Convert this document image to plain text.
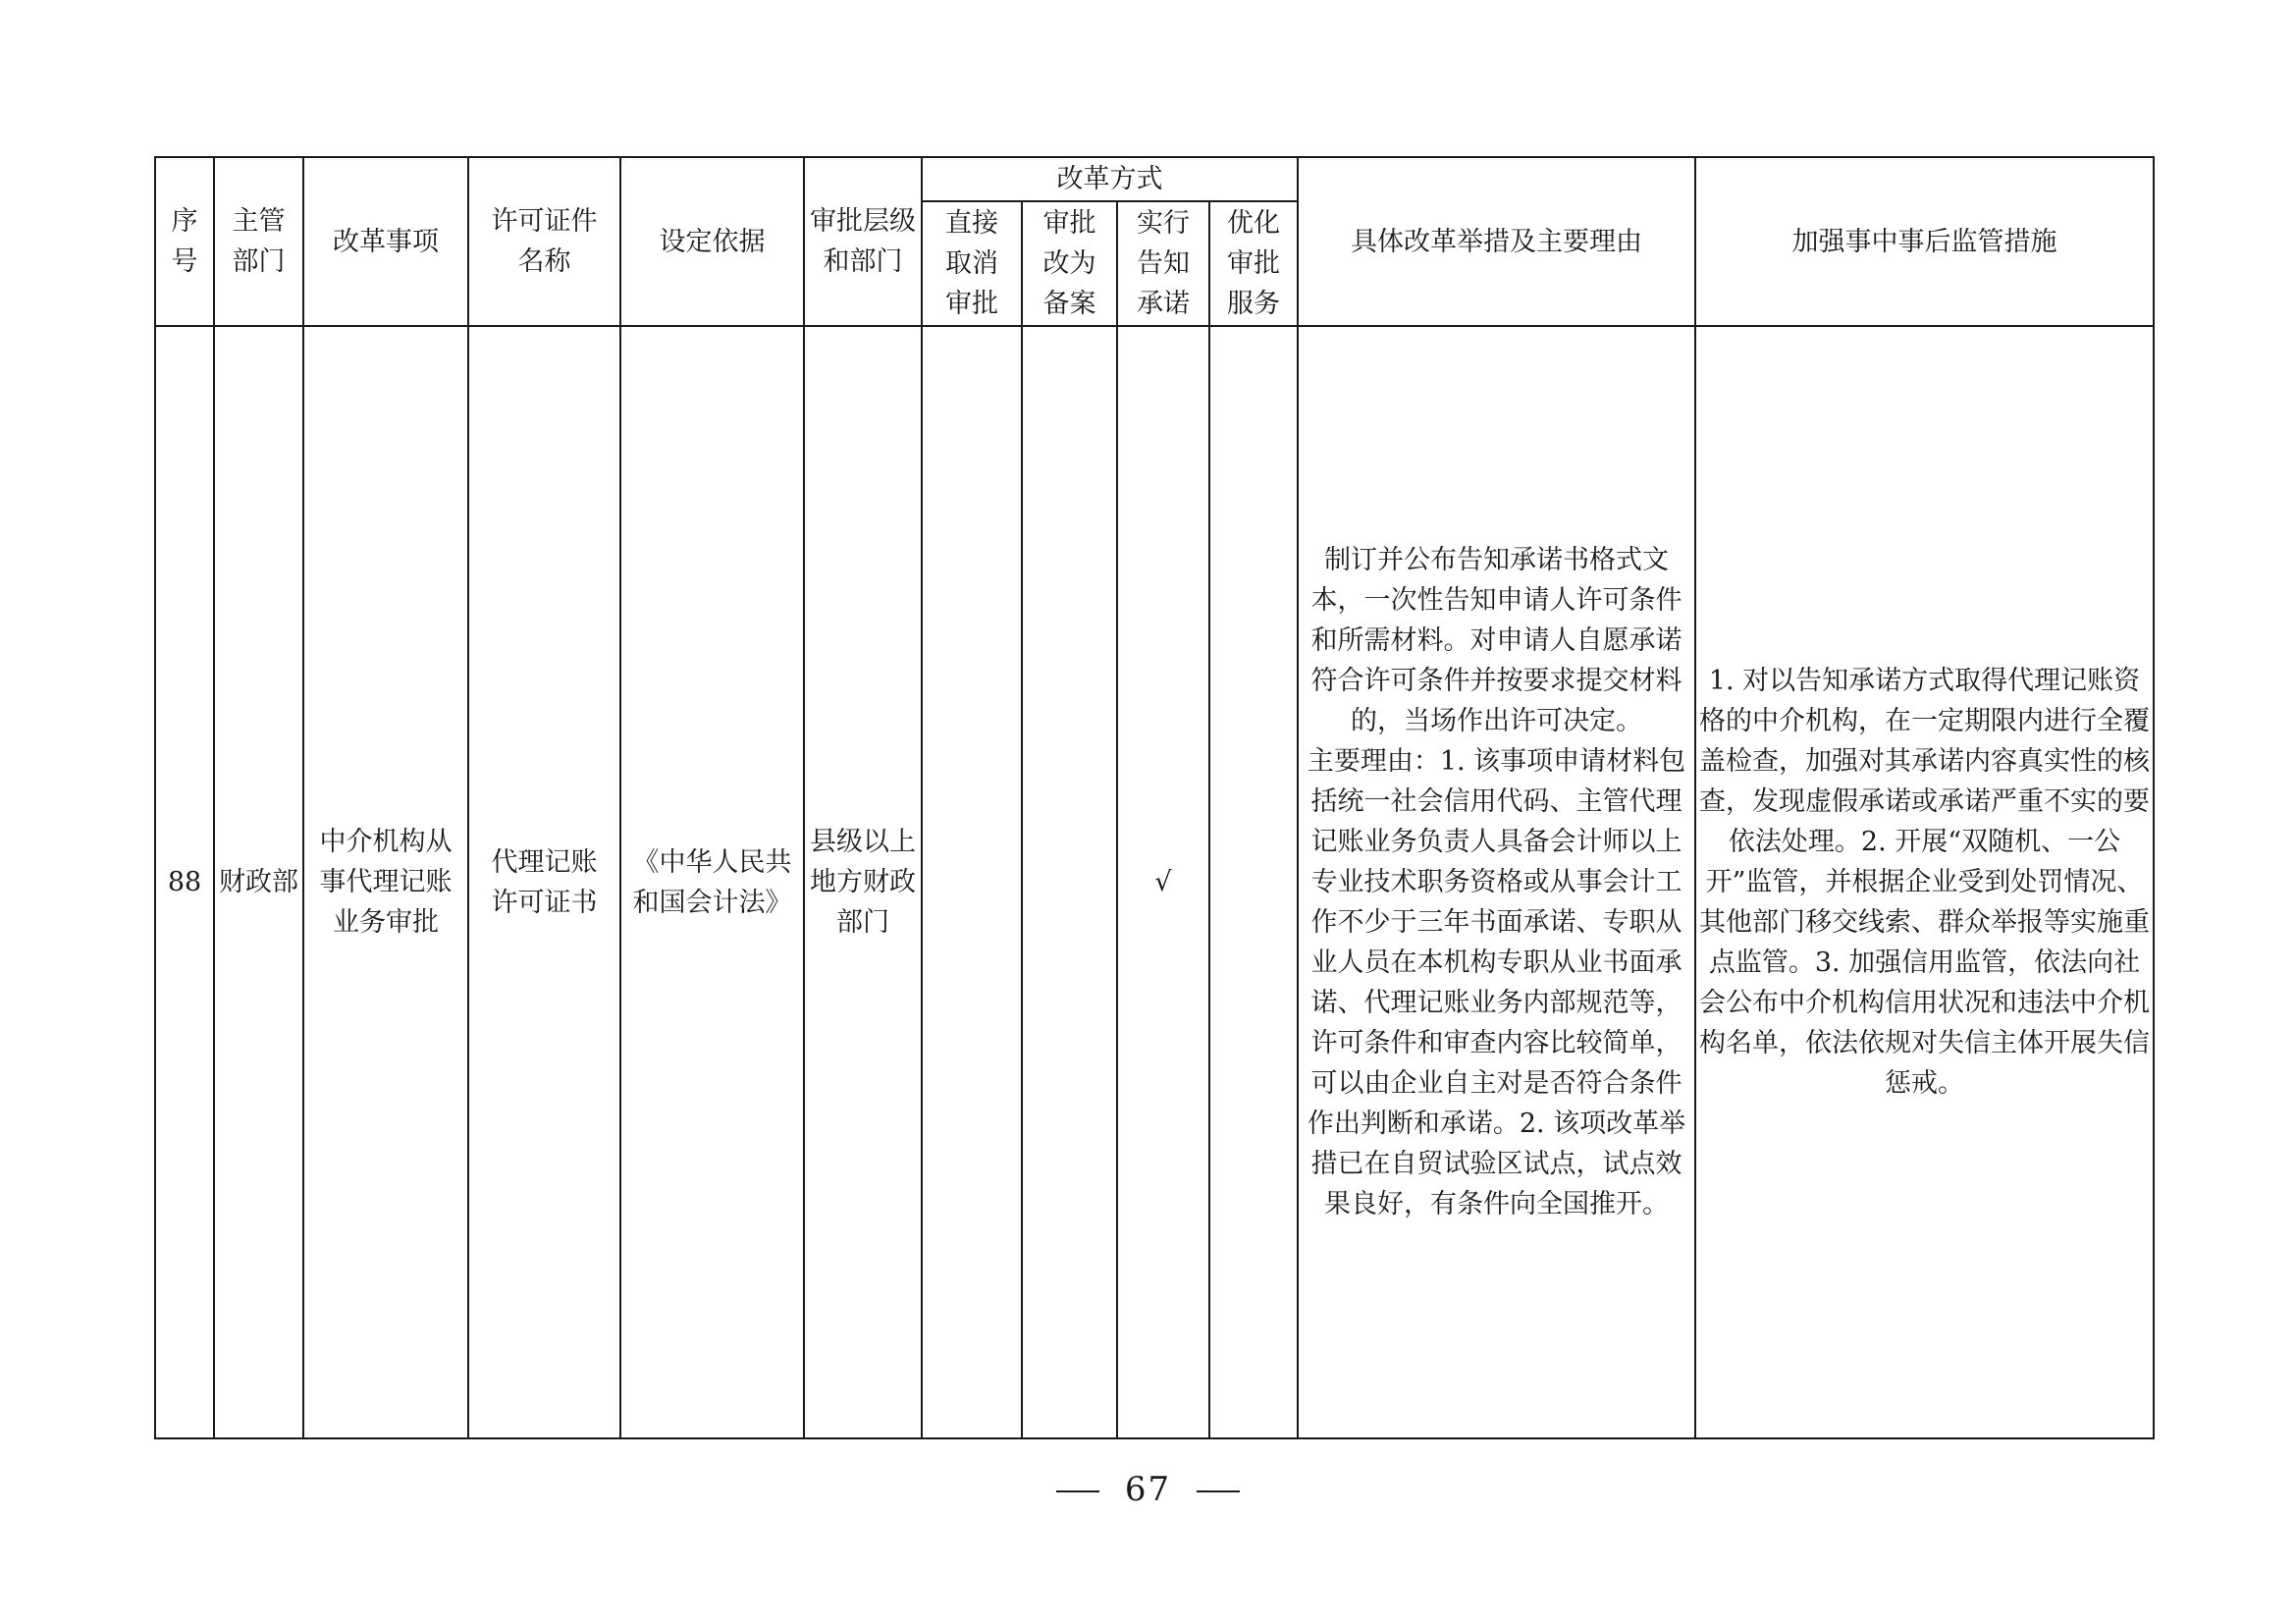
序号	主管部门	改革事项	许可证件名称	设定依据	审批层级和部门	改革方式				具体改革举措及主要理由	加强事中事后监管措施
						直接取消审批	审批改为备案	实行告知承诺	优化审批服务		
88	财政部	中介机构从事代理记账业务审批	代理记账许可证书	《中华人民共和国会计法》	县级以上地方财政部门			√		制订并公布告知承诺书格式文本，一次性告知申请人许可条件和所需材料。对申请人自愿承诺符合许可条件并按要求提交材料的，当场作出许可决定。
主要理由：1. 该事项申请材料包括统一社会信用代码、主管代理记账业务负责人具备会计师以上专业技术职务资格或从事会计工作不少于三年书面承诺、专职从业人员在本机构专职从业书面承诺、代理记账业务内部规范等，许可条件和审查内容比较简单，可以由企业自主对是否符合条件作出判断和承诺。2. 该项改革举措已在自贸试验区试点，试点效果良好，有条件向全国推开。	1. 对以告知承诺方式取得代理记账资格的中介机构，在一定期限内进行全覆盖检查，加强对其承诺内容真实性的核查，发现虚假承诺或承诺严重不实的要依法处理。2. 开展“双随机、一公开”监管，并根据企业受到处罚情况、其他部门移交线索、群众举报等实施重点监管。3. 加强信用监管，依法向社会公布中介机构信用状况和违法中介机构名单，依法依规对失信主体开展失信惩戒。
67
